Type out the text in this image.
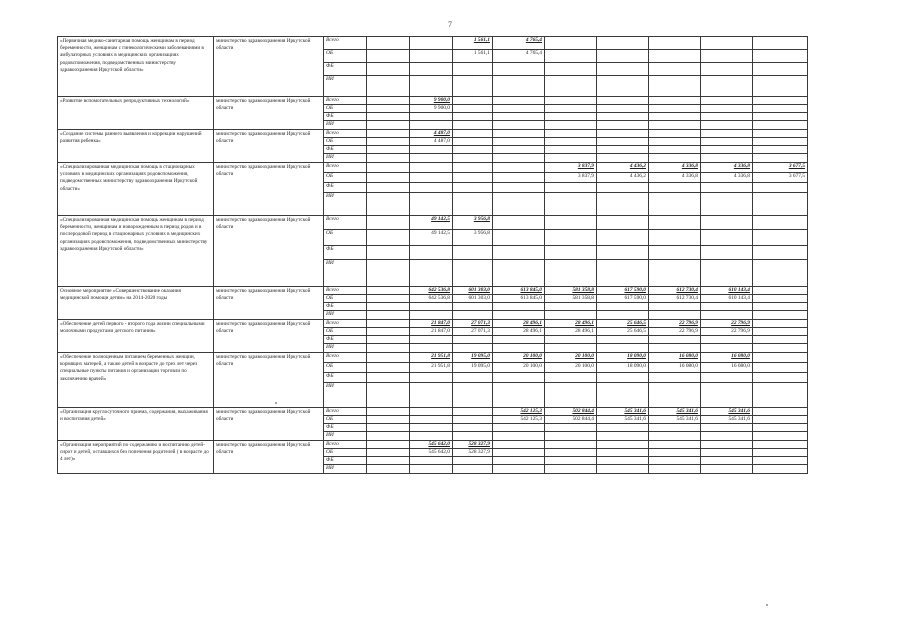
7
«Первичная медико-санитарная помощь женщинам в период беременности, женщинам с гинекологическими заболеваниями в амбулаторных условиях в медицинских организациях родовспоможения, подведомственных министерству здравоохранения Иркутской области»	министерство здравоохранения Иркутской области	Всего			1 561,1	4 765,4						
		ОБ			1 561,1	4 765,4						
		ФБ										
		ИИ										
«Развитие вспомогательных репродуктивных технологий»	министерство здравоохранения Иркутской области	Всего		9 900,0								
		ОБ		9 900,0								
		ФБ										
		ИИ										
«Создание системы раннего выявления и коррекции нарушений развития ребенка»	министерство здравоохранения Иркутской области	Всего		4 487,0								
		ОБ		4 487,0								
		ФБ										
		ИИ										
«Специализированная медицинская помощь в стационарных условиях в медицинских организациях родовспоможения, подведомственных министерству здравоохранения Иркутской области»	министерство здравоохранения Иркутской области	Всего					3 837,9	4 436,2	4 336,8	4 336,8	3 677,5	
		ОБ					3 837,9	4 436,2	4 336,8	4 336,8	3 677,5	
		ФБ										
		ИИ										
«Специализированная медицинская помощь женщинам в период беременности, женщинам и новорожденным в период родов и в послеродовой период в стационарных условиях в медицинских организациях родовспоможения, подведомственных министерству здравоохранения Иркутской области»	министерство здравоохранения Иркутской области	Всего		49 142,5	3 956,8							
		ОБ		49 142,5	3 956,8							
		ФБ										
		ИИ										
Основное мероприятие «Совершенствование оказания медицинской помощи детям» на 2014-2020 годы	министерство здравоохранения Иркутской области	Всего		642 536,8	601 303,0	613 845,0	581 358,8	617 590,0	612 730,4	610 143,4		
		ОБ		642 536,8	601 303,0	613 845,0	581 358,8	617 590,0	612 730,4	610 143,4		
		ФБ										
		ИИ										
«Обеспечение детей первого - второго года жизни специальными молочными продуктами детского питания»	министерство здравоохранения Иркутской области	Всего		21 847,0	27 071,3	28 496,1	28 496,1	25 646,5	22 796,9	22 796,9		
		ОБ		21 847,0	27 071,3	28 496,1	28 496,1	25 646,5	22 796,9	22 796,9		
		ФБ										
		ИИ										
«Обеспечение полноценным питанием беременных женщин, кормящих матерей, а также детей в возрасте до трех лет через специальные пункты питания и организации торговли по заключению врачей»	министерство здравоохранения Иркутской области	Всего		21 951,8	19 095,0	20 100,0	20 100,0	18 090,0	16 080,0	16 080,0		
		ОБ		21 951,8	19 095,0	20 100,0	20 100,0	18 090,0	16 080,0	16 080,0		
		ФБ										
		ИИ										
«Организация круглосуточного приема, содержания, выхаживания и воспитания детей»	министерство здравоохранения Иркутской области	Всего				542 125,3	502 844,4	545 341,6	545 341,6	545 341,6		
		ОБ				542 125,3	502 844,4	545 341,6	545 341,6	545 341,6		
		ФБ										
		ИИ										
«Организация мероприятий по содержанию и воспитанию детей-сирот и детей, оставшихся без попечения родителей ( в возрасте до 4 лет)»	министерство здравоохранения Иркутской области	Всего		545 642,0	528 327,9							
		ОБ		545 642,0	528 327,9							
		ФБ										
		ИИ										
